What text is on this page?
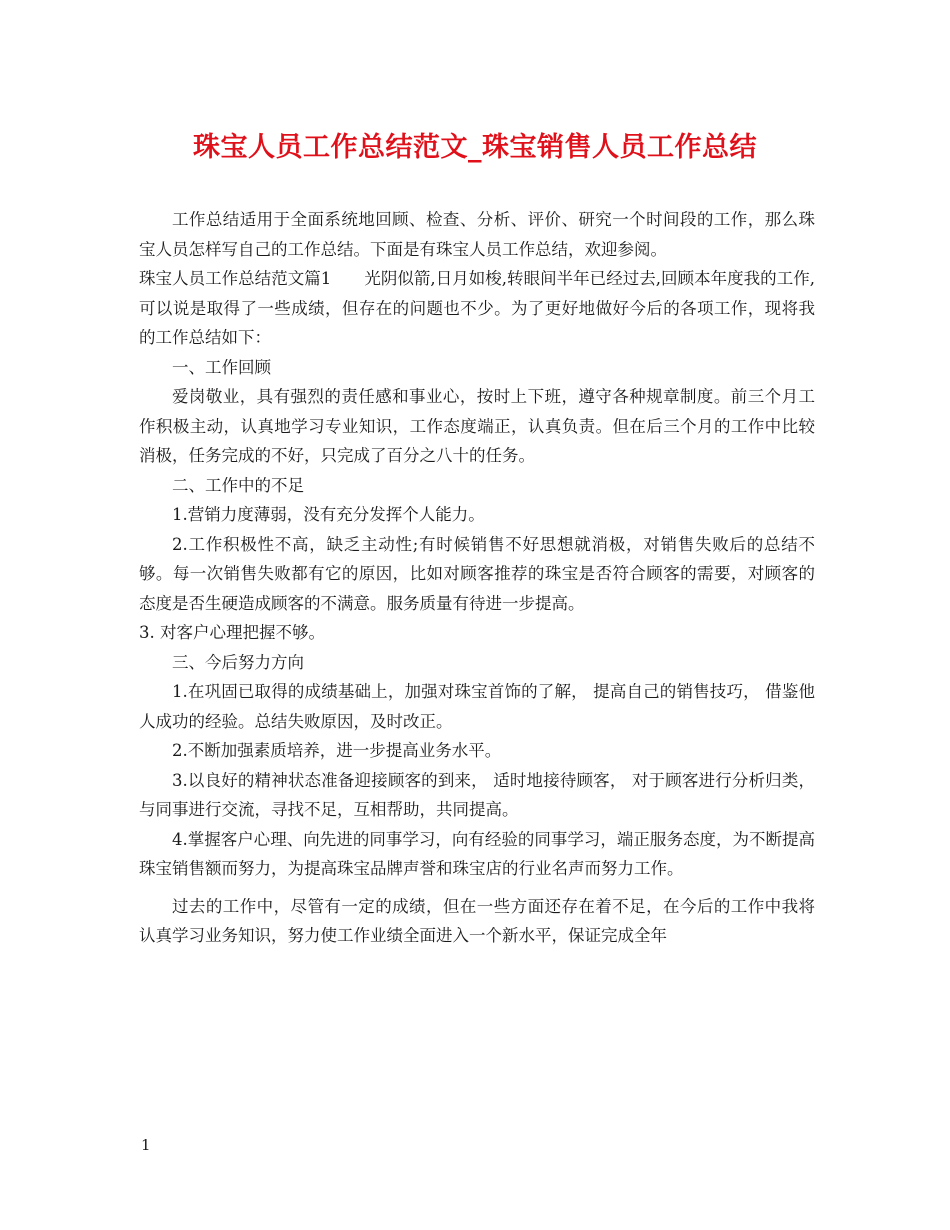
珠宝人员工作总结范文_珠宝销售人员工作总结

工作总结适用于全面系统地回顾、检查、分析、评价、研究一个时间段的工作，那么珠宝人员怎样写自己的工作总结。下面是有珠宝人员工作总结，欢迎参阅。

珠宝人员工作总结范文篇1　　光阴似箭,日月如梭,转眼间半年已经过去,回顾本年度我的工作,可以说是取得了一些成绩，但存在的问题也不少。为了更好地做好今后的各项工作，现将我的工作总结如下：

一、工作回顾

爱岗敬业，具有强烈的责任感和事业心，按时上下班，遵守各种规章制度。前三个月工作积极主动，认真地学习专业知识，工作态度端正，认真负责。但在后三个月的工作中比较消极，任务完成的不好，只完成了百分之八十的任务。

二、工作中的不足

1.营销力度薄弱，没有充分发挥个人能力。

2.工作积极性不高，缺乏主动性;有时候销售不好思想就消极，对销售失败后的总结不够。每一次销售失败都有它的原因，比如对顾客推荐的珠宝是否符合顾客的需要，对顾客的态度是否生硬造成顾客的不满意。服务质量有待进一步提高。

3. 对客户心理把握不够。

三、今后努力方向

1.在巩固已取得的成绩基础上，加强对珠宝首饰的了解， 提高自己的销售技巧， 借鉴他人成功的经验。总结失败原因，及时改正。

2.不断加强素质培养，进一步提高业务水平。

3.以良好的精神状态准备迎接顾客的到来， 适时地接待顾客， 对于顾客进行分析归类，与同事进行交流，寻找不足，互相帮助，共同提高。

4.掌握客户心理、向先进的同事学习，向有经验的同事学习，端正服务态度，为不断提高珠宝销售额而努力，为提高珠宝品牌声誉和珠宝店的行业名声而努力工作。

过去的工作中，尽管有一定的成绩，但在一些方面还存在着不足，在今后的工作中我将认真学习业务知识，努力使工作业绩全面进入一个新水平，保证完成全年

1
